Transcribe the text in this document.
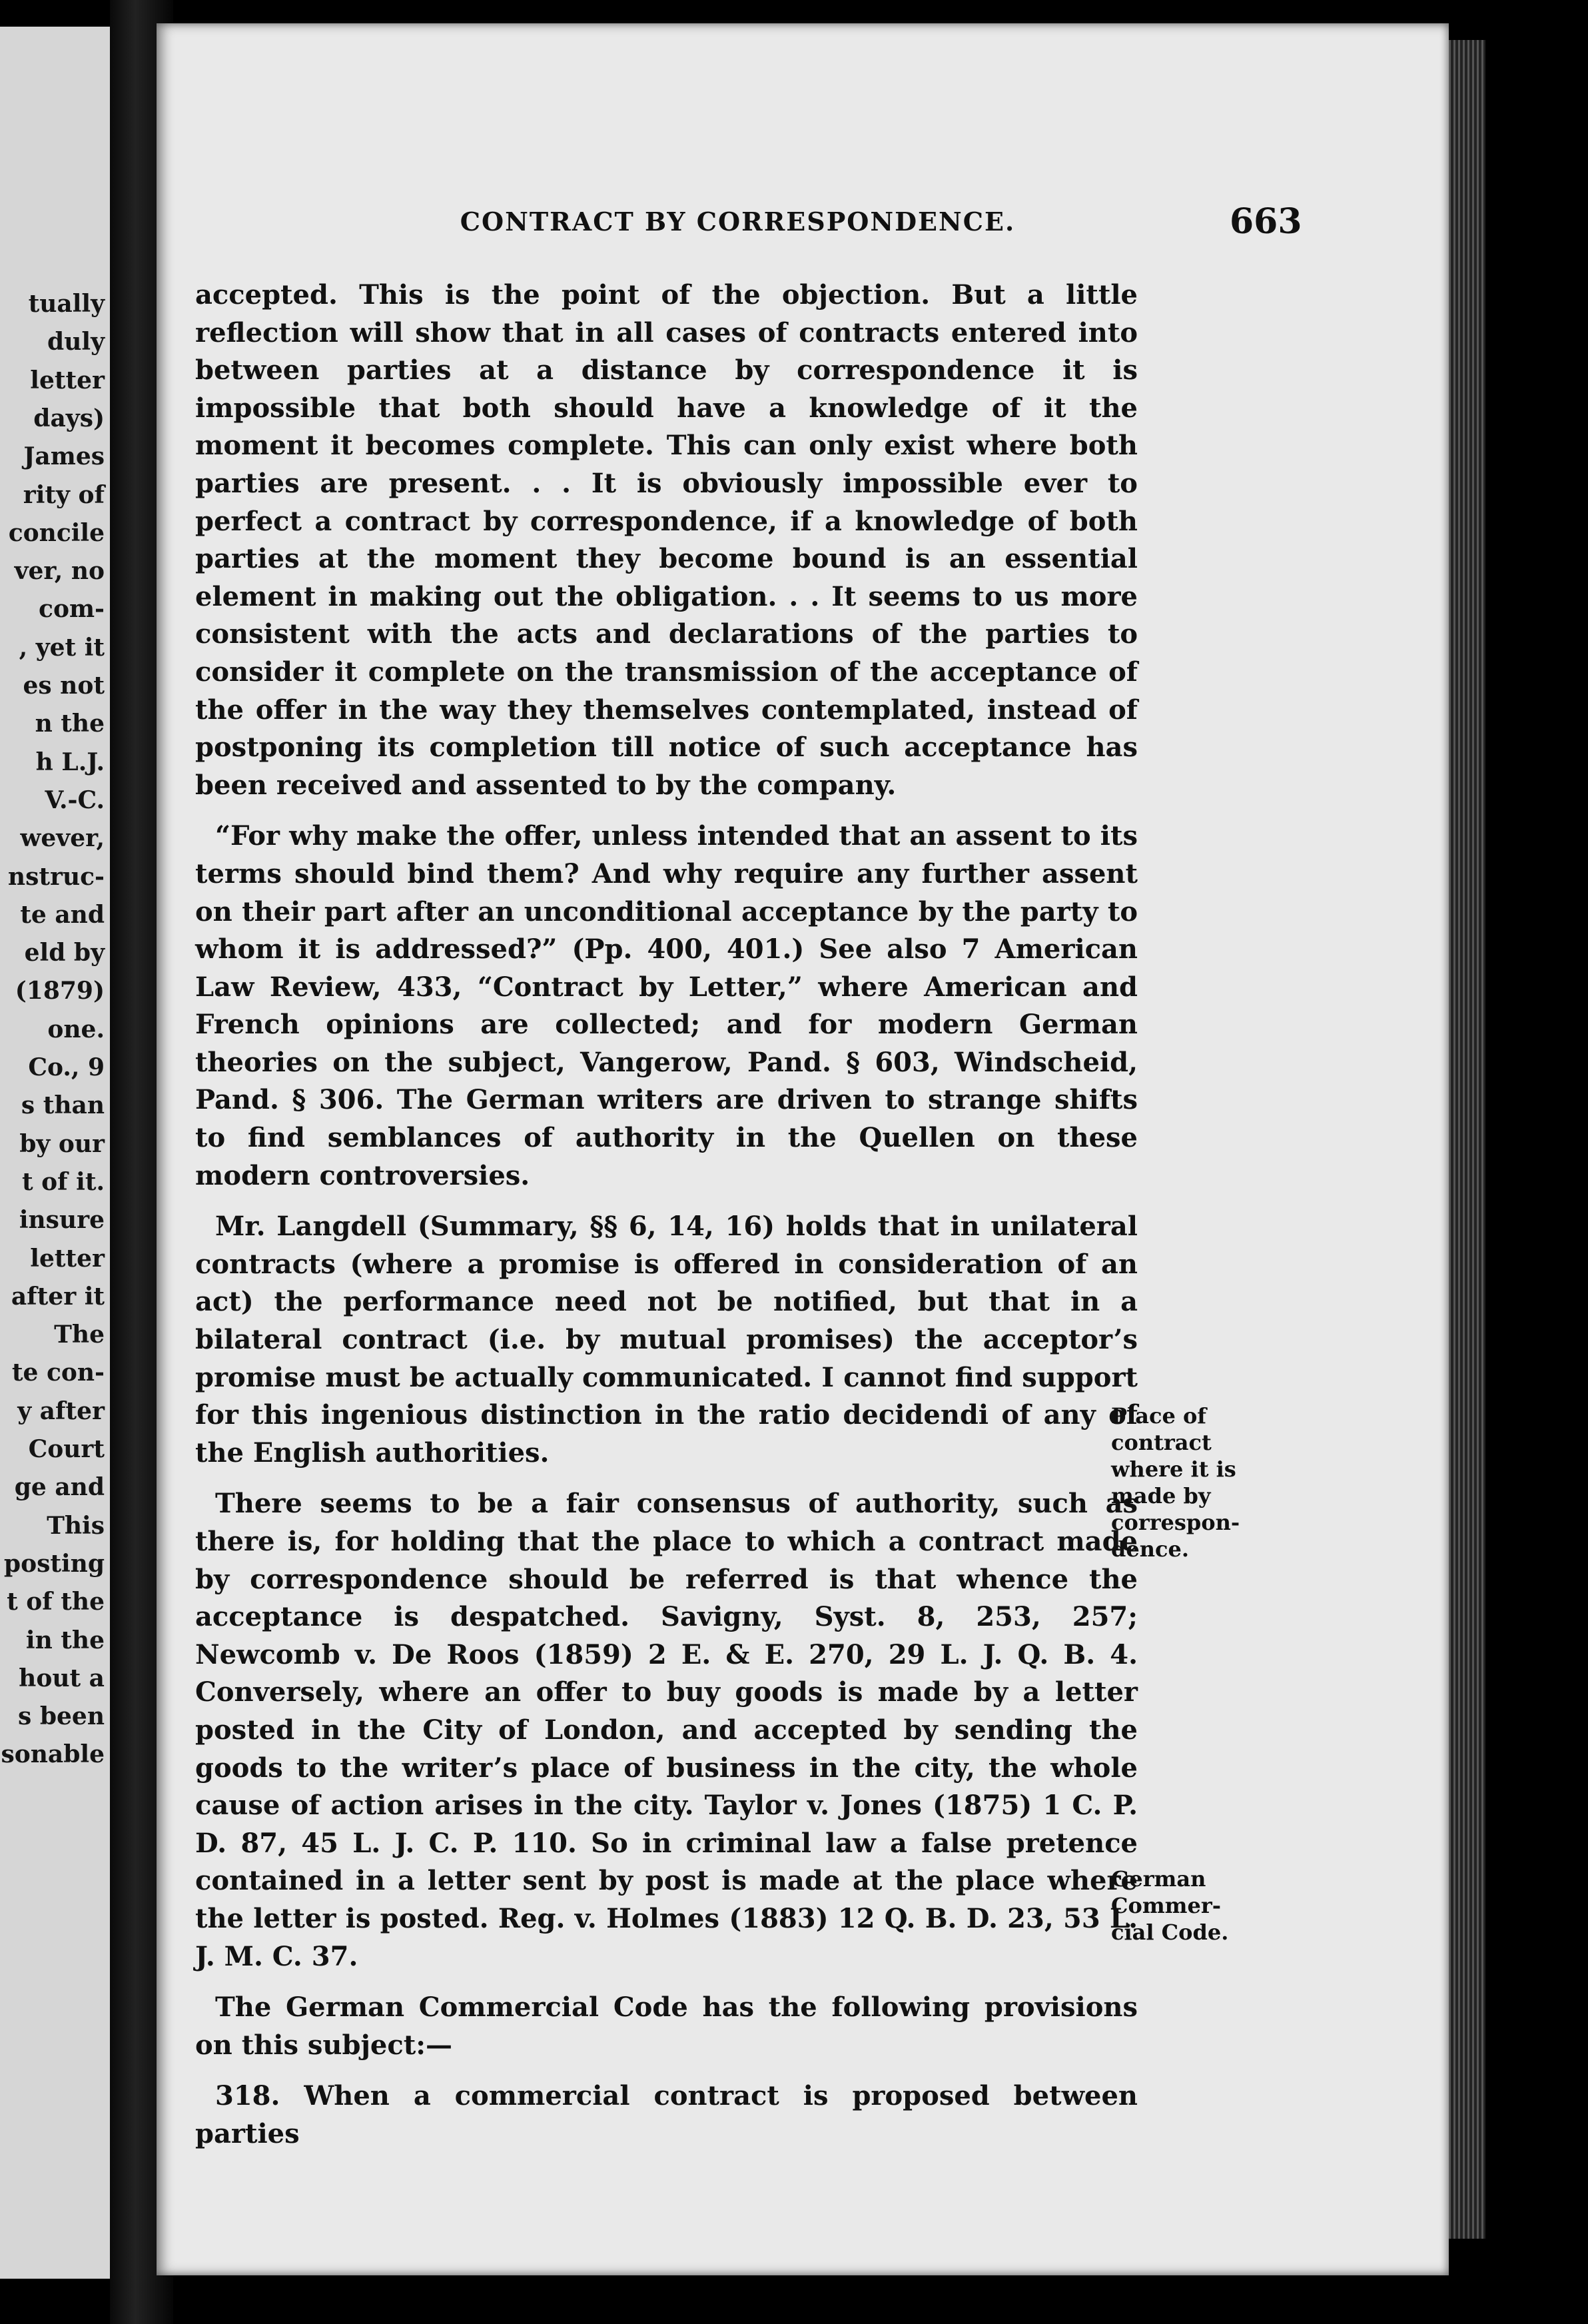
tually
duly
letter
days)
James
rity of
concile
ver, no
com-
, yet it
es not
n the
h L.J.
V.-C.
wever,
nstruc-
te and
eld by
(1879)
one.
Co., 9
s than
by our
t of it.
insure
letter
after it
The
te con-
y after
Court
ge and
This
posting
t of the
in the
hout a
s been
sonable
CONTRACT BY CORRESPONDENCE.	663

accepted. This is the point of the objection. But a little reflection will show that in all cases of contracts entered into between parties at a distance by correspondence it is impossible that both should have a knowledge of it the moment it becomes complete. This can only exist where both parties are present. . . It is obviously impossible ever to perfect a contract by correspondence, if a knowledge of both parties at the moment they become bound is an essential element in making out the obligation. . . It seems to us more consistent with the acts and declarations of the parties to consider it complete on the transmission of the acceptance of the offer in the way they themselves contemplated, instead of postponing its completion till notice of such acceptance has been received and assented to by the company.

“For why make the offer, unless intended that an assent to its terms should bind them? And why require any further assent on their part after an unconditional acceptance by the party to whom it is addressed?” (Pp. 400, 401.) See also 7 American Law Review, 433, “Contract by Letter,” where American and French opinions are collected; and for modern German theories on the subject, Vangerow, Pand. § 603, Windscheid, Pand. § 306. The German writers are driven to strange shifts to find semblances of authority in the Quellen on these modern controversies.

Mr. Langdell (Summary, §§ 6, 14, 16) holds that in unilateral contracts (where a promise is offered in consideration of an act) the performance need not be notified, but that in a bilateral contract (i.e. by mutual promises) the acceptor’s promise must be actually communicated. I cannot find support for this ingenious distinction in the ratio decidendi of any of the English authorities.

There seems to be a fair consensus of authority, such as there is, for holding that the place to which a contract made by correspondence should be referred is that whence the acceptance is despatched. Savigny, Syst. 8, 253, 257; Newcomb v. De Roos (1859) 2 E. & E. 270, 29 L. J. Q. B. 4. Conversely, where an offer to buy goods is made by a letter posted in the City of London, and accepted by sending the goods to the writer’s place of business in the city, the whole cause of action arises in the city. Taylor v. Jones (1875) 1 C. P. D. 87, 45 L. J. C. P. 110. So in criminal law a false pretence contained in a letter sent by post is made at the place where the letter is posted. Reg. v. Holmes (1883) 12 Q. B. D. 23, 53 L. J. M. C. 37.

The German Commercial Code has the following provisions on this subject:—

318. When a commercial contract is proposed between parties

Place of
contract
where it is
made by
correspon-
dence.
German
Commer-
cial Code.
